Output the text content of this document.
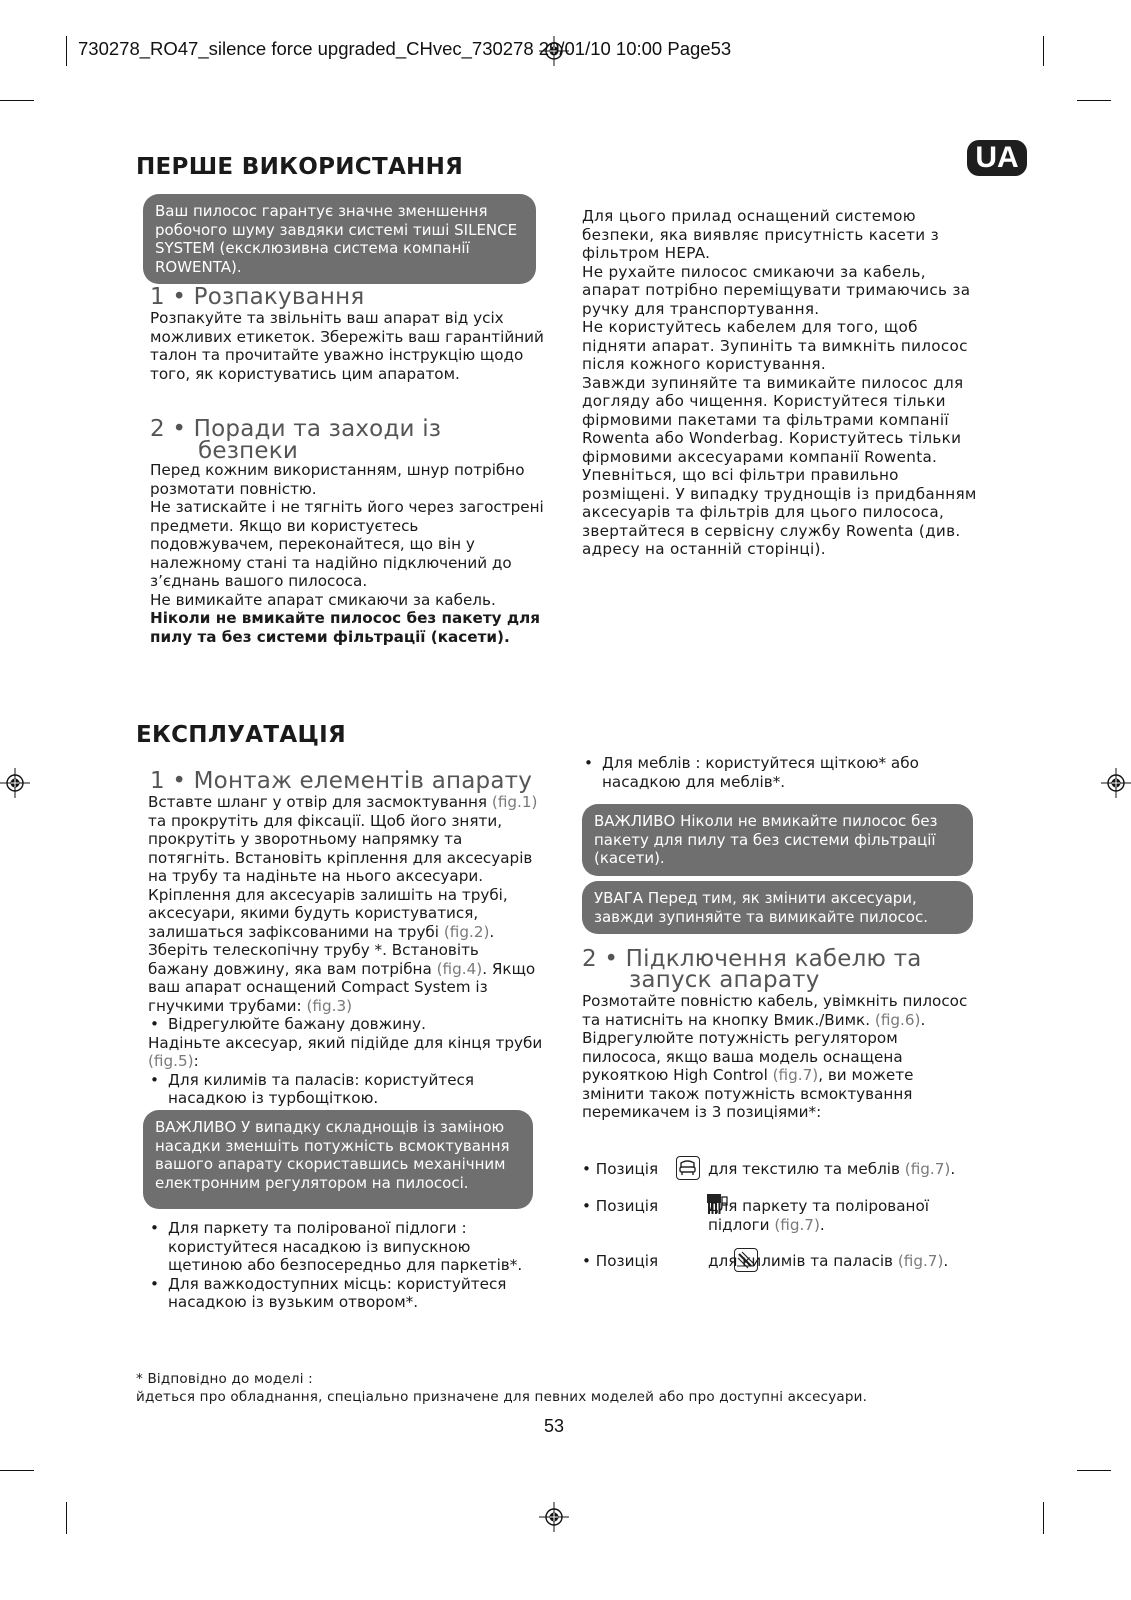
730278_RO47_silence force upgraded_CHvec_730278 29/01/10 10:00 Page53
UA
ПЕРШЕ ВИКОРИСТАННЯ
Ваш пилосос гарантує значне зменшення робочого шуму завдяки системі тиші SILENCE SYSTEM (ексклюзивна система компанії ROWENTA).
1 • Розпакування
Розпакуйте та звільніть ваш апарат від усіх можливих етикеток. Збережіть ваш гарантійний талон та прочитайте уважно інструкцію щодо того, як користуватись цим апаратом.
2 • Поради та заходи із
безпеки

Перед кожним використанням, шнур потрібно розмотати повністю.

Не затискайте і не тягніть його через загострені предмети. Якщо ви користуєтесь подовжувачем, переконайтеся, що він у належному стані та надійно підключений до з’єднань вашого пилососа.

Не вимикайте апарат смикаючи за кабель.

Ніколи не вмикайте пилосос без пакету для пилу та без системи фільтрації (касети).

Для цього прилад оснащений системою безпеки, яка виявляє присутність касети з фільтром HEPA.

Не рухайте пилосос смикаючи за кабель, апарат потрібно переміщувати тримаючись за ручку для транспортування.

Не користуйтесь кабелем для того, щоб підняти апарат. Зупиніть та вимкніть пилосос після кожного користування.

Завжди зупиняйте та вимикайте пилосос для догляду або чищення. Користуйтеся тільки фірмовими пакетами та фільтрами компанії Rowenta або Wonderbag. Користуйтесь тільки фірмовими аксесуарами компанії Rowenta.

Упевніться, що всі фільтри правильно розміщені. У випадку труднощів із придбанням аксесуарів та фільтрів для цього пилососа, звертайтеся в сервісну службу Rowenta (див. адресу на останній сторінці).

ЕКСПЛУАТАЦІЯ
1 • Монтаж елементів апарату

Вставте шланг у отвір для засмоктування (fig.1) та прокрутіть для фіксації. Щоб його зняти, прокрутіть у зворотньому напрямку та потягніть. Встановіть кріплення для аксесуарів на трубу та надіньте на нього аксесуари. Кріплення для аксесуарів залишіть на трубі, аксесуари, якими будуть користуватися, залишаться зафіксованими на трубі (fig.2). Зберіть телескопічну трубу *. Встановіть бажану довжину, яка вам потрібна (fig.4). Якщо ваш апарат оснащений Compact System із гнучкими трубами: (fig.3)

• Відрегулюйте бажану довжину.

Надіньте аксесуар, який підійде для кінця труби (fig.5):

• Для килимів та паласів: користуйтеся насадкою із турбощіткою.
ВАЖЛИВО У випадку складнощів із заміною насадки зменшіть потужність всмоктування вашого апарату скориставшись механічним електронним регулятором на пилососі.
• Для паркету та полірованої підлоги : користуйтеся насадкою із випускною щетиною або безпосередньо для паркетів*.
• Для важкодоступних місць: користуйтеся насадкою із вузьким отвором*.
• Для меблів : користуйтеся щіткою* або насадкою для меблів*.
ВАЖЛИВО Ніколи не вмикайте пилосос без пакету для пилу та без системи фільтрації (касети).
УВАГА Перед тим, як змінити аксесуари, завжди зупиняйте та вимикайте пилосос.
2 • Підключення кабелю та
запуск апарату

Розмотайте повністю кабель, увімкніть пилосос та натисніть на кнопку Вмик./Вимк. (fig.6).

Відрегулюйте потужність регулятором пилососа, якщо ваша модель оснащена рукояткою High Control (fig.7), ви можете змінити також потужність всмоктування перемикачем із 3 позиціями*:

• Позиція
	для текстилю та меблів (fig.7).
• Позиція
	для паркету та полірованої
підлоги (fig.7).
• Позиція	для килимів та паласів (fig.7).
* Відповідно до моделі :
йдеться про обладнання, спеціально призначене для певних моделей або про доступні аксесуари.
53
